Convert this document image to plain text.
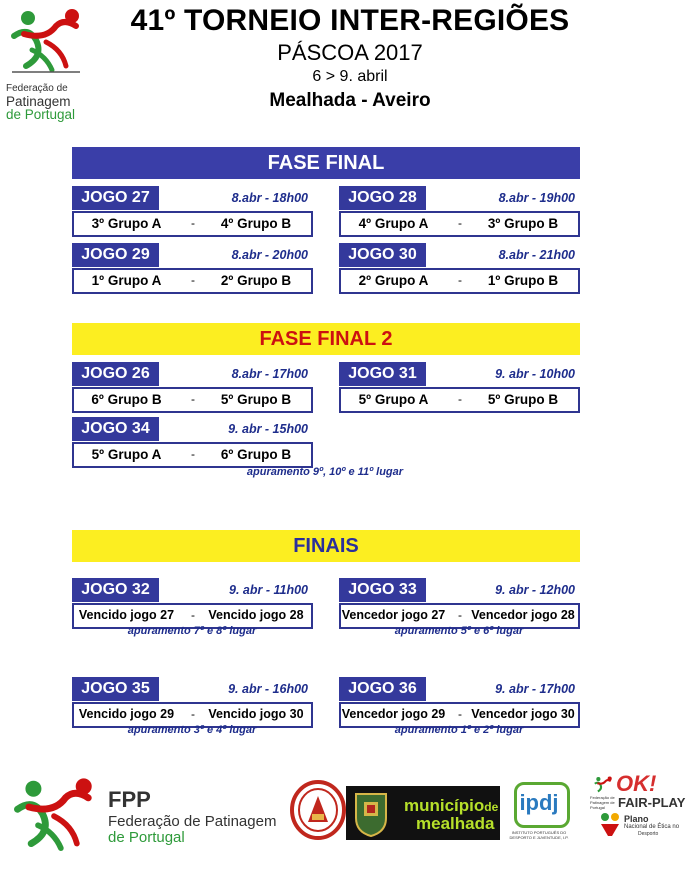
Federação de
Patinagem
de Portugal
41º TORNEIO INTER-REGIÕES
PÁSCOA 2017
6 > 9. abril
Mealhada - Aveiro
FASE FINAL
JOGO 27	8.abr - 18h00
3º Grupo A	-	4º Grupo B
JOGO 28	8.abr - 19h00
4º Grupo A	-	3º Grupo B
JOGO 29	8.abr - 20h00
1º Grupo A	-	2º Grupo B
JOGO 30	8.abr - 21h00
2º Grupo A	-	1º Grupo B
FASE FINAL 2
JOGO 26	8.abr - 17h00
6º Grupo B	-	5º Grupo B
JOGO 31	9. abr - 10h00
5º Grupo A	-	5º Grupo B
JOGO 34	9. abr - 15h00
5º Grupo A	-	6º Grupo B
apuramento 9º, 10º e 11º lugar
FINAIS
JOGO 32	9. abr - 11h00
Vencido jogo 27	-	Vencido jogo 28
apuramento 7º e 8º lugar
JOGO 33	9. abr - 12h00
Vencedor jogo 27	- Vencedor jogo 28
apuramento 5º e 6º lugar
JOGO 35	9. abr - 16h00
Vencido jogo 29	-	Vencido jogo 30
apuramento 3º e 4º lugar
JOGO 36	9. abr - 17h00
Vencedor jogo 29	- Vencedor jogo 30
apuramento 1º e 2º lugar
FPP
Federação de Patinagem
de Portugal
municípiode
mealhada
ipdj
INSTITUTO PORTUGUÊS DO DESPORTO E JUVENTUDE, I.P.
Federação de Patinagem de Portugal
OK!
FAIR-PLAY
Plano
Nacional de Ética no
Desporto
